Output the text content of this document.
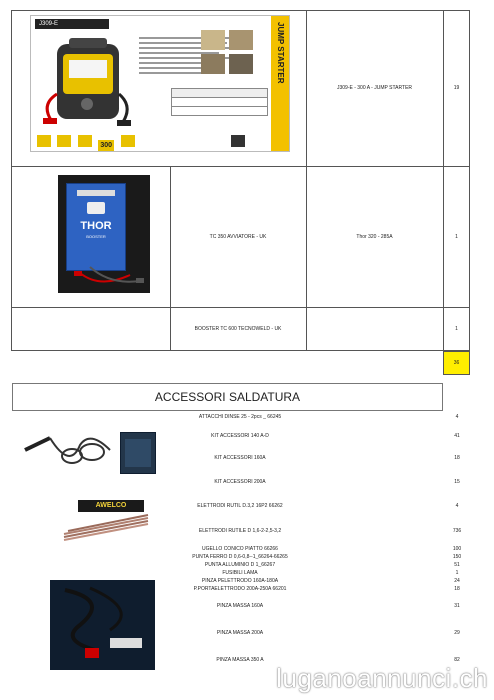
J309-E	JUMP STARTER
300
J309-E - 300 A - JUMP STARTER	19
THOR
BOOSTER	TC 350 AVVIATORE - UK	Thor 320 - 285A	1
BOOSTER TC 600 TECNOWELD - UK	1
36
ACCESSORI SALDATURA
AWELCO
ATTACCHI DINSE 25 - 2pcs _ 66245	4
KIT ACCESSORI 140 A-D	41
KIT ACCESSORI 160A	18
KIT ACCESSORI 200A	15
ELETTRODI RUTIL D.3,2 16P2 66262	4
ELETTRODI RUTILE D 1,6-2-2,5-3,2	736
UGELLO CONICO PIATTO 66266	100
PUNTA FERRO D 0,6-0,8--1_66264-66265	150
PUNTA ALLUMINIO D 1_66267	51
FUSIBILI LAMA	1
PINZA PELETTRODO 160A-180A	24
P.PORTAELETTRODO 200A-250A 66201	18
PINZA MASSA 160A	31
PINZA MASSA 200A	29
PINZA MASSA 350 A	82
luganoannunci.ch
